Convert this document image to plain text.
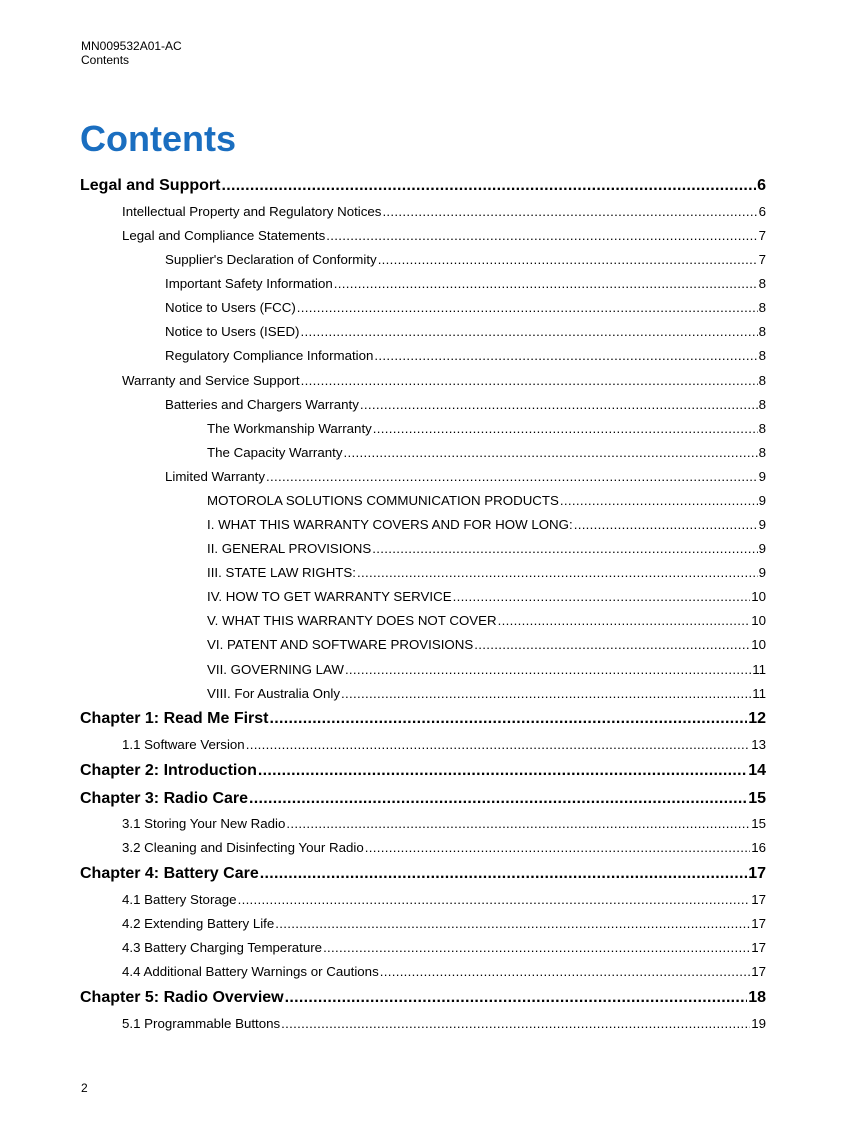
MN009532A01-AC
Contents
Contents
Legal and Support .....	6
Intellectual Property and Regulatory Notices .....	6
Legal and Compliance Statements .....	7
Supplier's Declaration of Conformity .....	7
Important Safety Information .....	8
Notice to Users (FCC) .....	8
Notice to Users (ISED) .....	8
Regulatory Compliance Information .....	8
Warranty and Service Support .....	8
Batteries and Chargers Warranty .....	8
The Workmanship Warranty .....	8
The Capacity Warranty .....	8
Limited Warranty .....	9
MOTOROLA SOLUTIONS COMMUNICATION PRODUCTS .....	9
I. WHAT THIS WARRANTY COVERS AND FOR HOW LONG: .....	9
II. GENERAL PROVISIONS .....	9
III. STATE LAW RIGHTS: .....	9
IV. HOW TO GET WARRANTY SERVICE .....	10
V. WHAT THIS WARRANTY DOES NOT COVER .....	10
VI. PATENT AND SOFTWARE PROVISIONS .....	10
VII. GOVERNING LAW .....	11
VIII. For Australia Only .....	11
Chapter 1: Read Me First .....	12
1.1 Software Version .....	13
Chapter 2: Introduction .....	14
Chapter 3: Radio Care .....	15
3.1 Storing Your New Radio .....	15
3.2 Cleaning and Disinfecting Your Radio .....	16
Chapter 4: Battery Care .....	17
4.1 Battery Storage .....	17
4.2 Extending Battery Life .....	17
4.3 Battery Charging Temperature .....	17
4.4 Additional Battery Warnings or Cautions .....	17
Chapter 5: Radio Overview .....	18
5.1 Programmable Buttons .....	19
2
